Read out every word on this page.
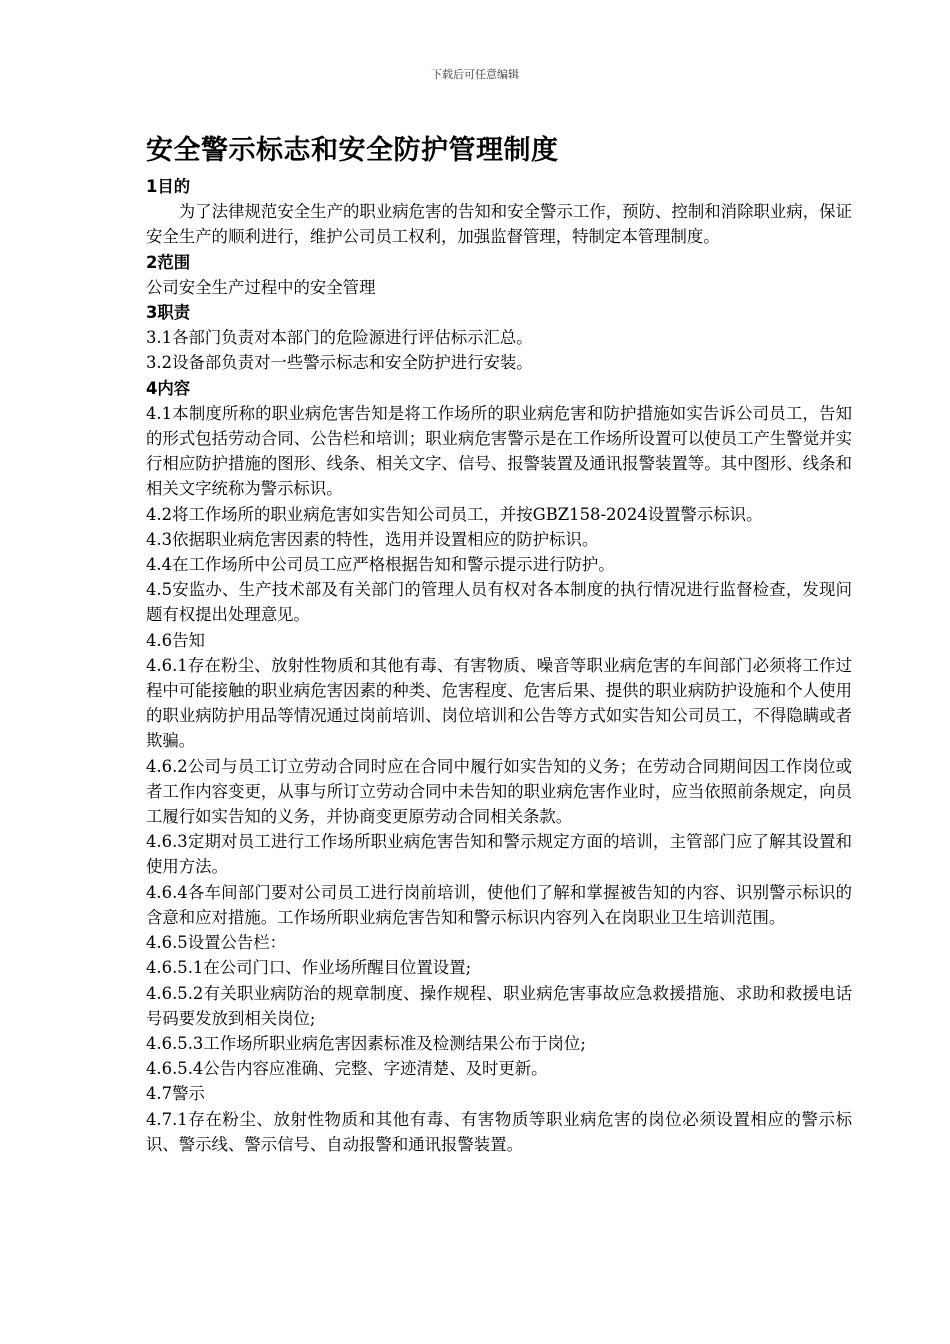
下载后可任意编辑
安全警示标志和安全防护管理制度

1目的

为了法律规范安全生产的职业病危害的告知和安全警示工作，预防、控制和消除职业病，保证安全生产的顺利进行，维护公司员工权利，加强监督管理，特制定本管理制度。

2范围

公司安全生产过程中的安全管理

3职责

3.1各部门负责对本部门的危险源进行评估标示汇总。

3.2设备部负责对一些警示标志和安全防护进行安装。

4内容

4.1本制度所称的职业病危害告知是将工作场所的职业病危害和防护措施如实告诉公司员工，告知的形式包括劳动合同、公告栏和培训；职业病危害警示是在工作场所设置可以使员工产生警觉并实行相应防护措施的图形、线条、相关文字、信号、报警装置及通讯报警装置等。其中图形、线条和相关文字统称为警示标识。

4.2将工作场所的职业病危害如实告知公司员工，并按GBZ158-2024设置警示标识。

4.3依据职业病危害因素的特性，选用并设置相应的防护标识。

4.4在工作场所中公司员工应严格根据告知和警示提示进行防护。

4.5安监办、生产技术部及有关部门的管理人员有权对各本制度的执行情况进行监督检查，发现问题有权提出处理意见。

4.6告知

4.6.1存在粉尘、放射性物质和其他有毒、有害物质、噪音等职业病危害的车间部门必须将工作过程中可能接触的职业病危害因素的种类、危害程度、危害后果、提供的职业病防护设施和个人使用的职业病防护用品等情况通过岗前培训、岗位培训和公告等方式如实告知公司员工，不得隐瞒或者欺骗。

4.6.2公司与员工订立劳动合同时应在合同中履行如实告知的义务；在劳动合同期间因工作岗位或者工作内容变更，从事与所订立劳动合同中未告知的职业病危害作业时，应当依照前条规定，向员工履行如实告知的义务，并协商变更原劳动合同相关条款。

4.6.3定期对员工进行工作场所职业病危害告知和警示规定方面的培训，主管部门应了解其设置和使用方法。

4.6.4各车间部门要对公司员工进行岗前培训，使他们了解和掌握被告知的内容、识别警示标识的含意和应对措施。工作场所职业病危害告知和警示标识内容列入在岗职业卫生培训范围。

4.6.5设置公告栏：

4.6.5.1在公司门口、作业场所醒目位置设置;

4.6.5.2有关职业病防治的规章制度、操作规程、职业病危害事故应急救援措施、求助和救援电话号码要发放到相关岗位;

4.6.5.3工作场所职业病危害因素标准及检测结果公布于岗位;

4.6.5.4公告内容应准确、完整、字迹清楚、及时更新。

4.7警示

4.7.1存在粉尘、放射性物质和其他有毒、有害物质等职业病危害的岗位必须设置相应的警示标识、警示线、警示信号、自动报警和通讯报警装置。
